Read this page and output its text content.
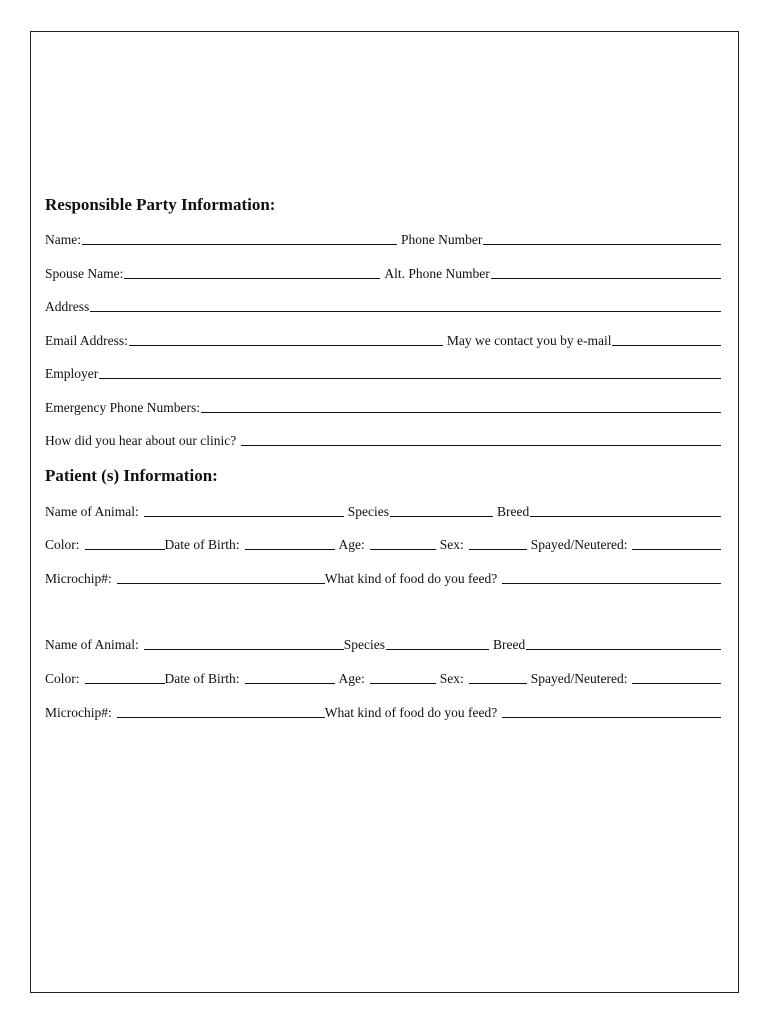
Responsible Party Information:
Name:	Phone Number
Spouse Name:	Alt. Phone Number
Address
Email Address:	May we contact you by e-mail
Employer
Emergency Phone Numbers:
How did you hear about our clinic?
Patient (s) Information:
Name of Animal:	Species	Breed
Color:	Date of Birth:	Age:	Sex:	Spayed/Neutered:
Microchip#:	What kind of food do you feed?
Name of Animal:	Species	Breed
Color:	Date of Birth:	Age:	Sex:	Spayed/Neutered:
Microchip#:	What kind of food do you feed?
